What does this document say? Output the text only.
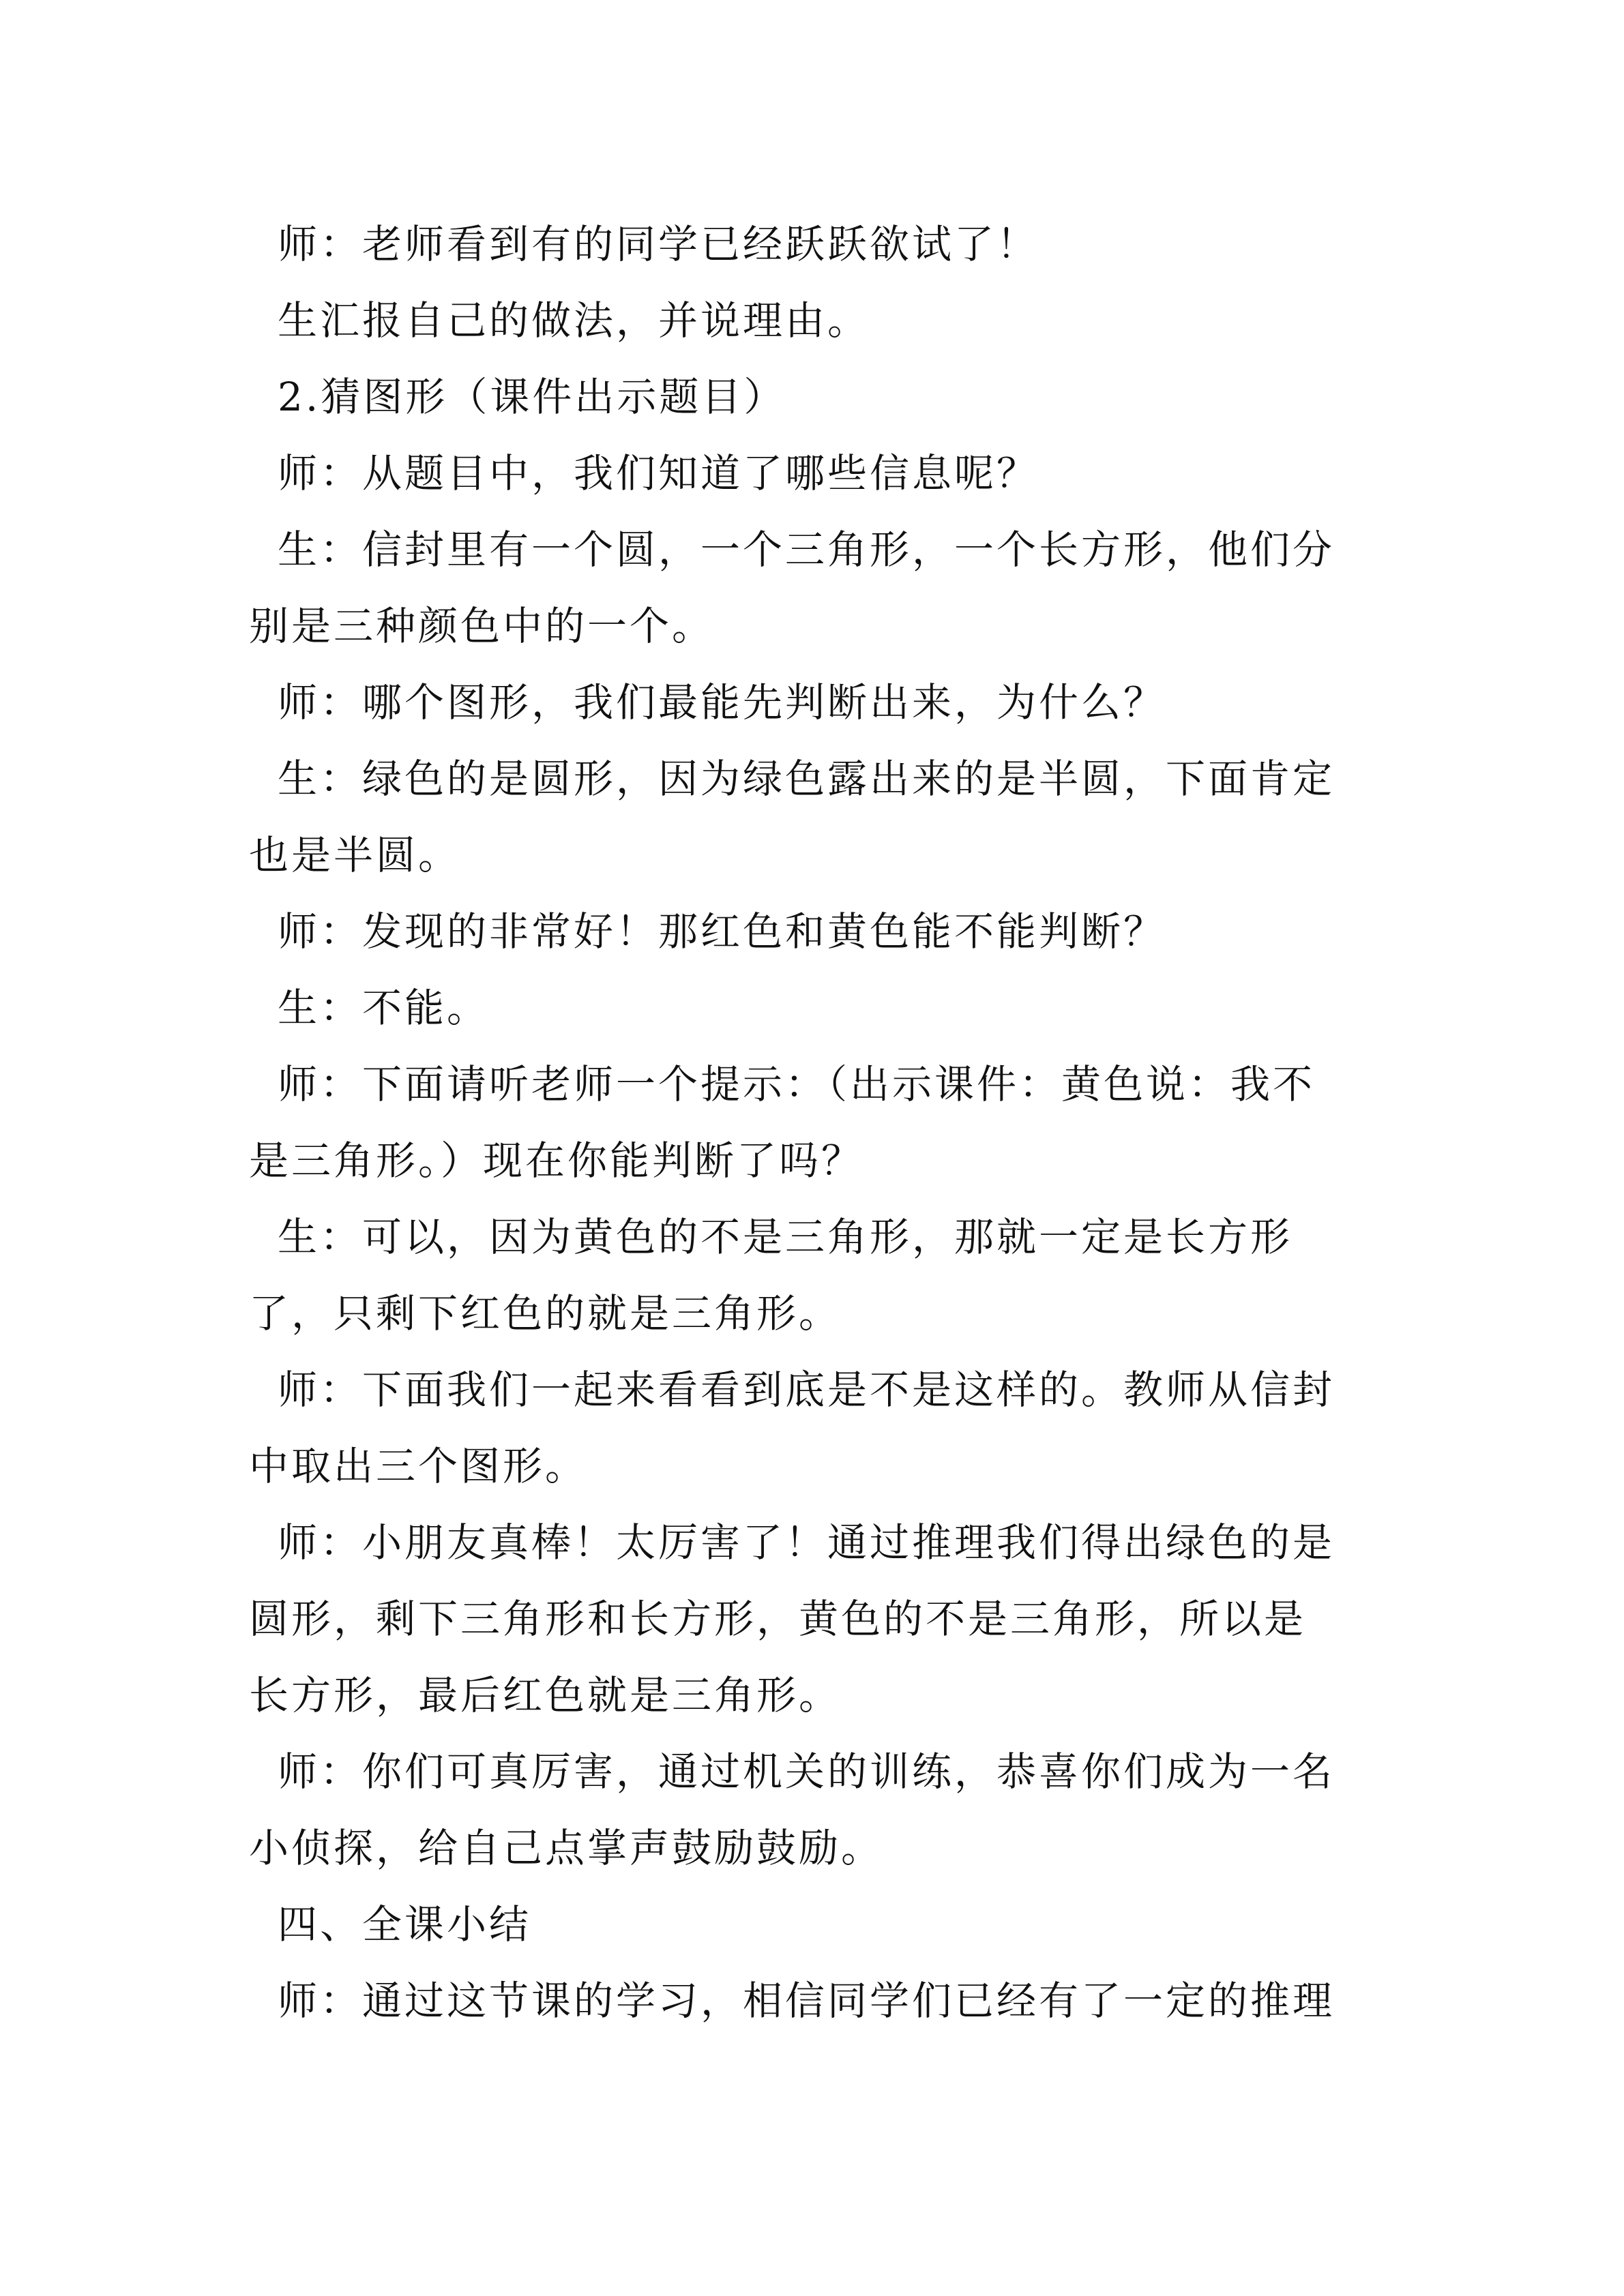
师：老师看到有的同学已经跃跃欲试了！
生汇报自己的做法，并说理由。
2.猜图形（课件出示题目）
师：从题目中，我们知道了哪些信息呢？
生：信封里有一个圆，一个三角形，一个长方形，他们分
别是三种颜色中的一个。
师：哪个图形，我们最能先判断出来，为什么？
生：绿色的是圆形，因为绿色露出来的是半圆，下面肯定
也是半圆。
师：发现的非常好！那红色和黄色能不能判断？
生：不能。
师：下面请听老师一个提示：（出示课件：黄色说：我不
是三角形。）现在你能判断了吗？
生：可以，因为黄色的不是三角形，那就一定是长方形
了，只剩下红色的就是三角形。
师：下面我们一起来看看到底是不是这样的。教师从信封
中取出三个图形。
师：小朋友真棒！太厉害了！通过推理我们得出绿色的是
圆形，剩下三角形和长方形，黄色的不是三角形，所以是
长方形，最后红色就是三角形。
师：你们可真厉害，通过机关的训练，恭喜你们成为一名
小侦探，给自己点掌声鼓励鼓励。
四、全课小结
师：通过这节课的学习，相信同学们已经有了一定的推理
